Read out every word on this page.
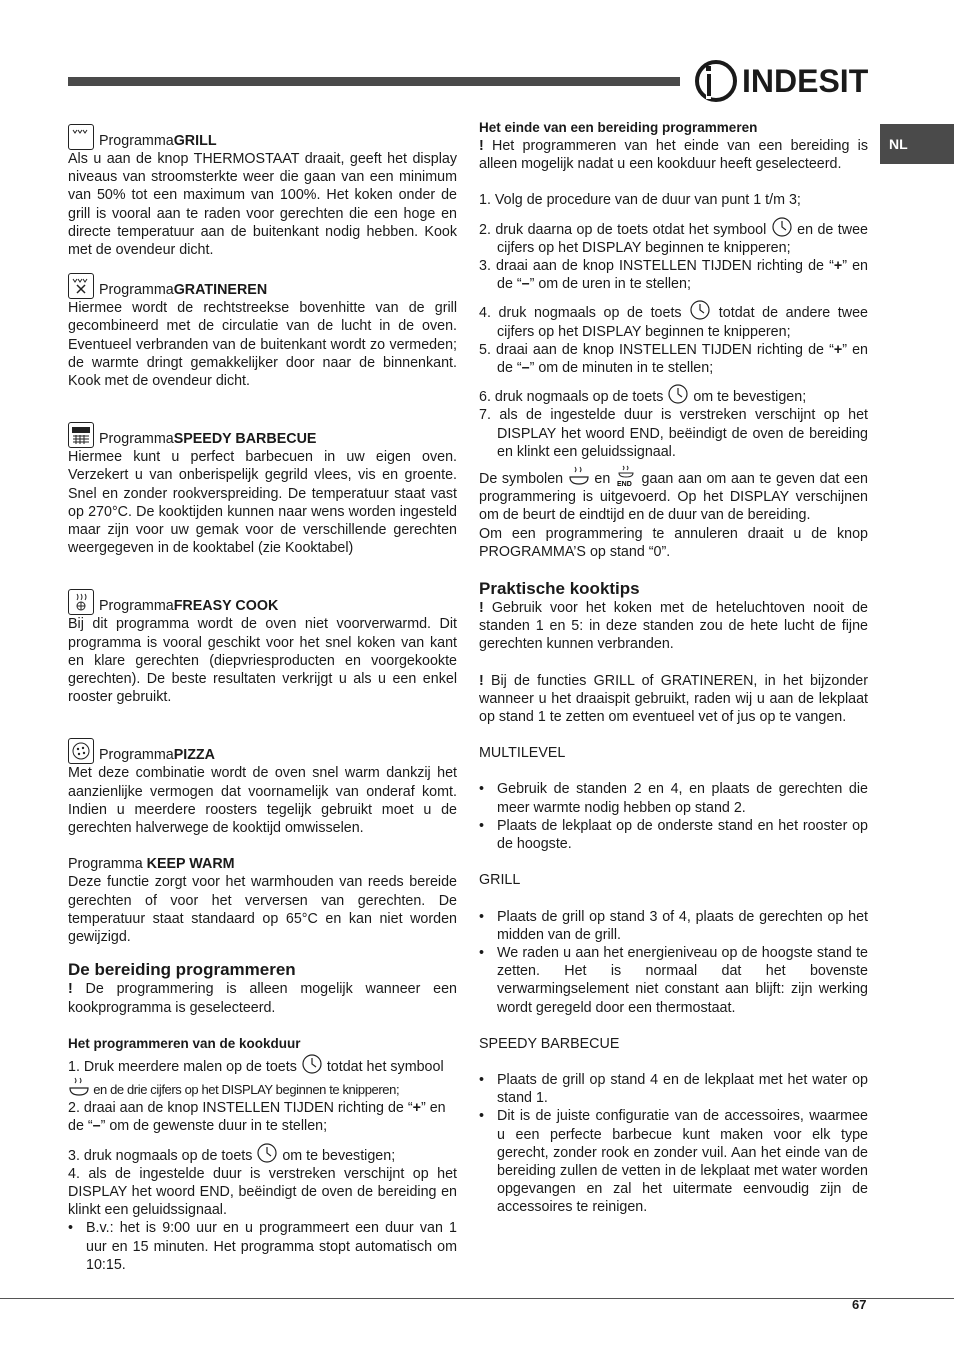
INDESIT
NL
Programma GRILL

Als u aan de knop THERMOSTAAT draait, geeft het display niveaus van stroomsterkte weer die gaan van een minimum van 50% tot een maximum van 100%. Het koken onder de grill is vooral aan te raden voor gerechten die een hoge en directe temperatuur aan de buitenkant nodig hebben. Kook met de ovendeur dicht.

Programma GRATINEREN

Hiermee wordt de rechtstreekse bovenhitte van de grill gecombineerd met de circulatie van de lucht in de oven. Eventueel verbranden van de buitenkant wordt zo vermeden; de warmte dringt gemakkelijker door naar de binnenkant. Kook met de ovendeur dicht.

Programma SPEEDY BARBECUE

Hiermee kunt u perfect barbecuen in uw eigen oven. Verzekert u van onberispelijk gegrild vlees, vis en groente. Snel en zonder rookverspreiding. De temperatuur staat vast op 270°C. De kooktijden kunnen naar wens worden ingesteld maar zijn voor uw gemak voor de verschillende gerechten weergegeven in de kooktabel (zie Kooktabel)

Programma FREASY COOK

Bij dit programma wordt de oven niet voorverwarmd. Dit programma is vooral geschikt voor het snel koken van kant en klare gerechten (diepvriesproducten en voorgekookte gerechten). De beste resultaten verkrijgt u als u een enkel rooster gebruikt.

Programma PIZZA

Met deze combinatie wordt de oven snel warm dankzij het aanzienlijke vermogen dat voornamelijk van onderaf komt. Indien u meerdere roosters tegelijk gebruikt moet u de gerechten halverwege de kooktijd omwisselen.

Programma KEEP WARM

Deze functie zorgt voor het warmhouden van reeds bereide gerechten of voor het verversen van gerechten. De temperatuur staat standaard op 65°C en kan niet worden gewijzigd.

De bereiding programmeren

! De programmering is alleen mogelijk wanneer een kookprogramma is geselecteerd.

Het programmeren van de kookduur

1. Druk meerdere malen op de toets  totdat het symbool
en de drie cijfers op het DISPLAY beginnen te knipperen;

2. draai aan de knop INSTELLEN TIJDEN richting de “+” en de “–” om de gewenste duur in te stellen;

3. druk nogmaals op de toets  om te bevestigen;

4. als de ingestelde duur is verstreken verschijnt op het DISPLAY het woord END, beëindigt de oven de bereiding en klinkt een geluidssignaal.

• B.v.: het is 9:00 uur en u programmeert een duur van 1 uur en 15 minuten. Het programma stopt automatisch om 10:15.
Het einde van een bereiding programmeren

! Het programmeren van het einde van een bereiding is alleen mogelijk nadat u een kookduur heeft geselecteerd.

1. Volg de procedure van de duur van punt 1 t/m 3;

2. druk daarna op de toets otdat het symbool  en de twee cijfers op het DISPLAY beginnen te knipperen;
3. draai aan de knop INSTELLEN TIJDEN richting de “+” en de “–” om de uren in te stellen;
4. druk nogmaals op de toets  totdat de andere twee cijfers op het DISPLAY beginnen te knipperen;
5. draai aan de knop INSTELLEN TIJDEN richting de “+” en de “–” om de minuten in te stellen;
6. druk nogmaals op de toets  om te bevestigen;
7. als de ingestelde duur is verstreken verschijnt op het DISPLAY het woord END, beëindigt de oven de bereiding en klinkt een geluidssignaal.

De symbolen  en END gaan aan om aan te geven dat een programmering is uitgevoerd. Op het DISPLAY verschijnen om de beurt de eindtijd en de duur van de bereiding.

Om een programmering te annuleren draait u de knop PROGRAMMA’S op stand “0”.

Praktische kooktips

! Gebruik voor het koken met de heteluchtoven nooit de standen 1 en 5: in deze standen zou de hete lucht de fijne gerechten kunnen verbranden.

! Bij de functies GRILL of GRATINEREN, in het bijzonder wanneer u het draaispit gebruikt, raden wij u aan de lekplaat op stand 1 te zetten om eventueel vet of jus op te vangen.

MULTILEVEL

• Gebruik de standen 2 en 4, en plaats de gerechten die meer warmte nodig hebben op stand 2.
• Plaats de lekplaat op de onderste stand en het rooster op de hoogste.

GRILL

• Plaats de grill op stand 3 of 4, plaats de gerechten op het midden van de grill.
• We raden u aan het energieniveau op de hoogste stand te zetten. Het is normaal dat het bovenste verwarmingselement niet constant aan blijft: zijn werking wordt geregeld door een thermostaat.

SPEEDY BARBECUE

• Plaats de grill op stand 4 en de lekplaat met het water op stand 1.
• Dit is de juiste configuratie van de accessoires, waarmee u een perfecte barbecue kunt maken voor elk type gerecht, zonder rook en zonder vuil. Aan het einde van de bereiding zullen de vetten in de lekplaat met water worden opgevangen en zal het uitermate eenvoudig zijn de accessoires te reinigen.
67
